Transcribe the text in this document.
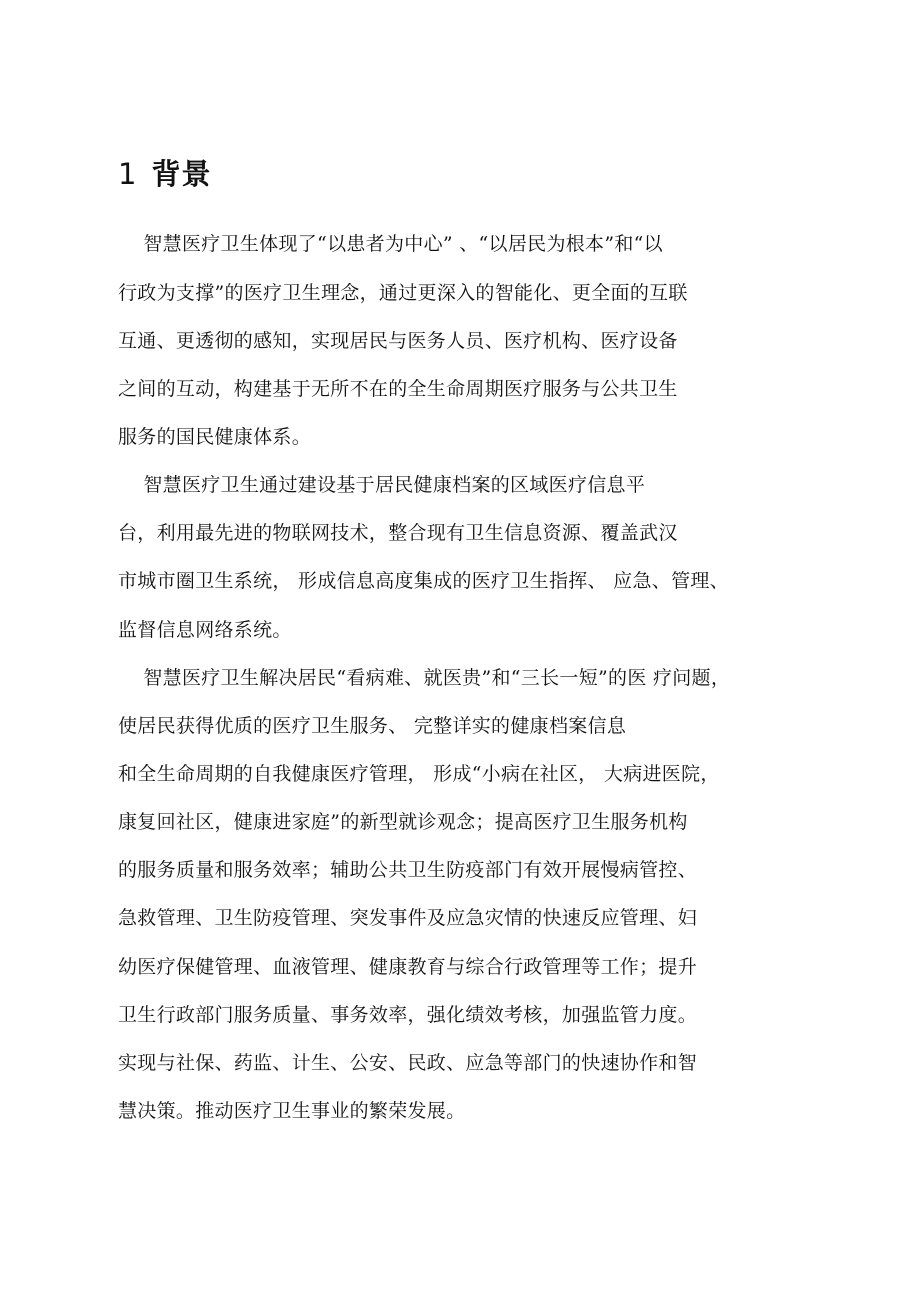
1 背景
智慧医疗卫生体现了“以患者为中心” 、“以居民为根本”和“以
行政为支撑”的医疗卫生理念，通过更深入的智能化、更全面的互联
互通、更透彻的感知，实现居民与医务人员、医疗机构、医疗设备
之间的互动，构建基于无所不在的全生命周期医疗服务与公共卫生
服务的国民健康体系。
智慧医疗卫生通过建设基于居民健康档案的区域医疗信息平
台，利用最先进的物联网技术，整合现有卫生信息资源、覆盖武汉
市城市圈卫生系统， 形成信息高度集成的医疗卫生指挥、 应急、管理、
监督信息网络系统。
智慧医疗卫生解决居民“看病难、就医贵”和“三长一短”的医 疗问题，
使居民获得优质的医疗卫生服务、 完整详实的健康档案信息
和全生命周期的自我健康医疗管理， 形成“小病在社区， 大病进医院，
康复回社区，健康进家庭”的新型就诊观念；提高医疗卫生服务机构
的服务质量和服务效率；辅助公共卫生防疫部门有效开展慢病管控、
急救管理、卫生防疫管理、突发事件及应急灾情的快速反应管理、妇
幼医疗保健管理、血液管理、健康教育与综合行政管理等工作；提升
卫生行政部门服务质量、事务效率，强化绩效考核，加强监管力度。
实现与社保、药监、计生、公安、民政、应急等部门的快速协作和智
慧决策。推动医疗卫生事业的繁荣发展。
